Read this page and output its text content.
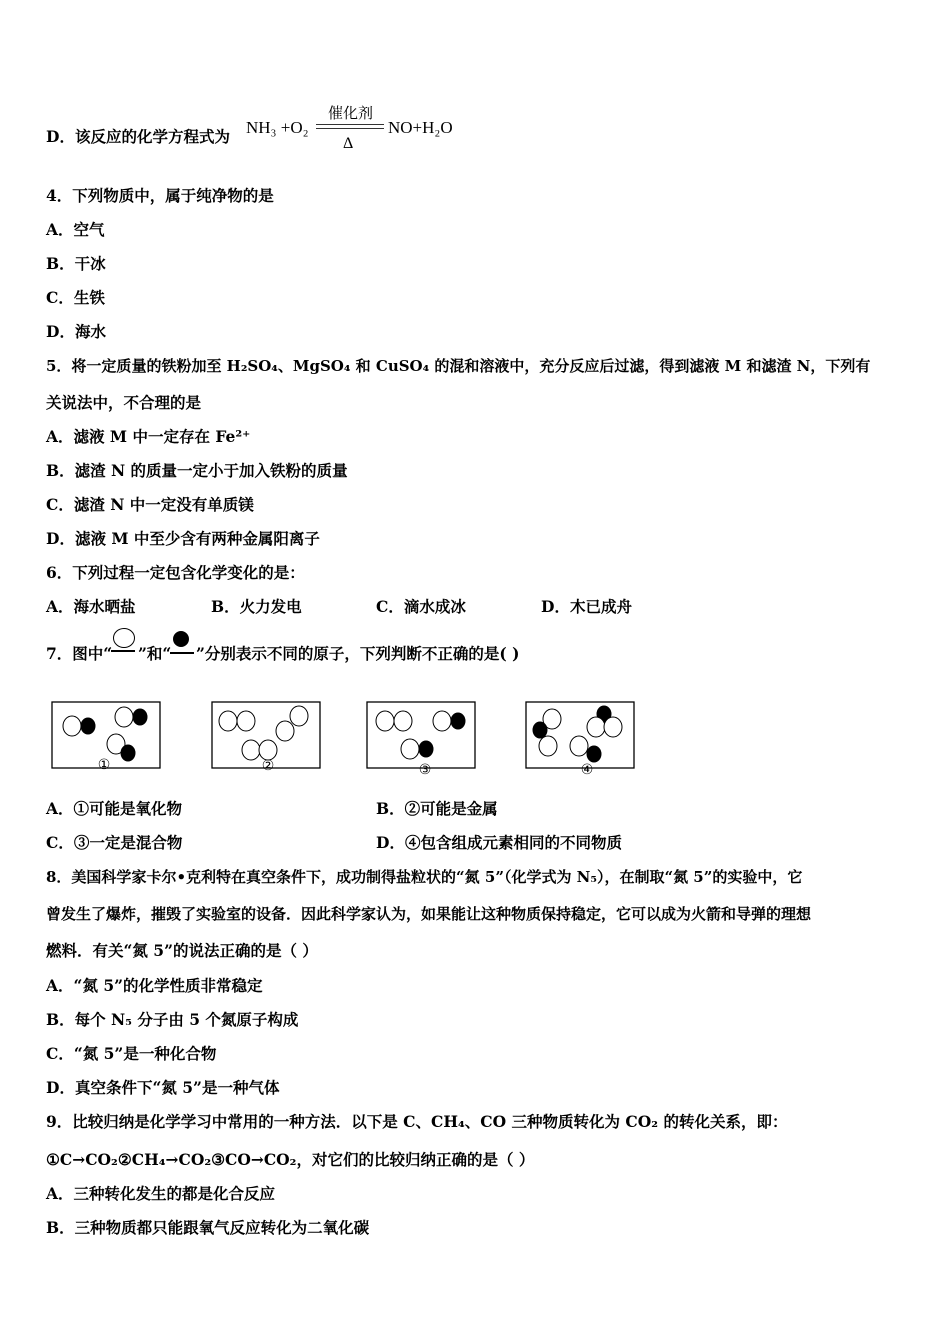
D．该反应的化学方程式为 NH₃ +O₂
催化剂
Δ
NO+H₂O
4．下列物质中，属于纯净物的是
A．空气
B．干冰
C．生铁
D．海水
5．将一定质量的铁粉加至 H₂SO₄、MgSO₄ 和 CuSO₄ 的混和溶液中，充分反应后过滤，得到滤液 M 和滤渣 N，下列有
关说法中，不合理的是
A．滤液 M 中一定存在 Fe²⁺
B．滤渣 N 的质量一定小于加入铁粉的质量
C．滤渣 N 中一定没有单质镁
D．滤液 M 中至少含有两种金属阳离子
6．下列过程一定包含化学变化的是：
A．海水晒盐	B．火力发电	C．滴水成冰	D．木已成舟
7．图中“ ”和“ ”分别表示不同的原子，下列判断不正确的是( )
①	②	③	④
A．①可能是氧化物	B．②可能是金属
C．③一定是混合物	D．④包含组成元素相同的不同物质
8．美国科学家卡尔•克利特在真空条件下，成功制得盐粒状的“氮 5”（化学式为 N₅），在制取“氮 5”的实验中，它
曾发生了爆炸，摧毁了实验室的设备．因此科学家认为，如果能让这种物质保持稳定，它可以成为火箭和导弹的理想
燃料．有关“氮 5”的说法正确的是（ ）
A．“氮 5”的化学性质非常稳定
B．每个 N₅ 分子由 5 个氮原子构成
C．“氮 5”是一种化合物
D．真空条件下“氮 5”是一种气体
9．比较归纳是化学学习中常用的一种方法．以下是 C、CH₄、CO 三种物质转化为 CO₂ 的转化关系，即：
①C→CO₂②CH₄→CO₂③CO→CO₂，对它们的比较归纳正确的是（ ）
A．三种转化发生的都是化合反应
B．三种物质都只能跟氧气反应转化为二氧化碳
